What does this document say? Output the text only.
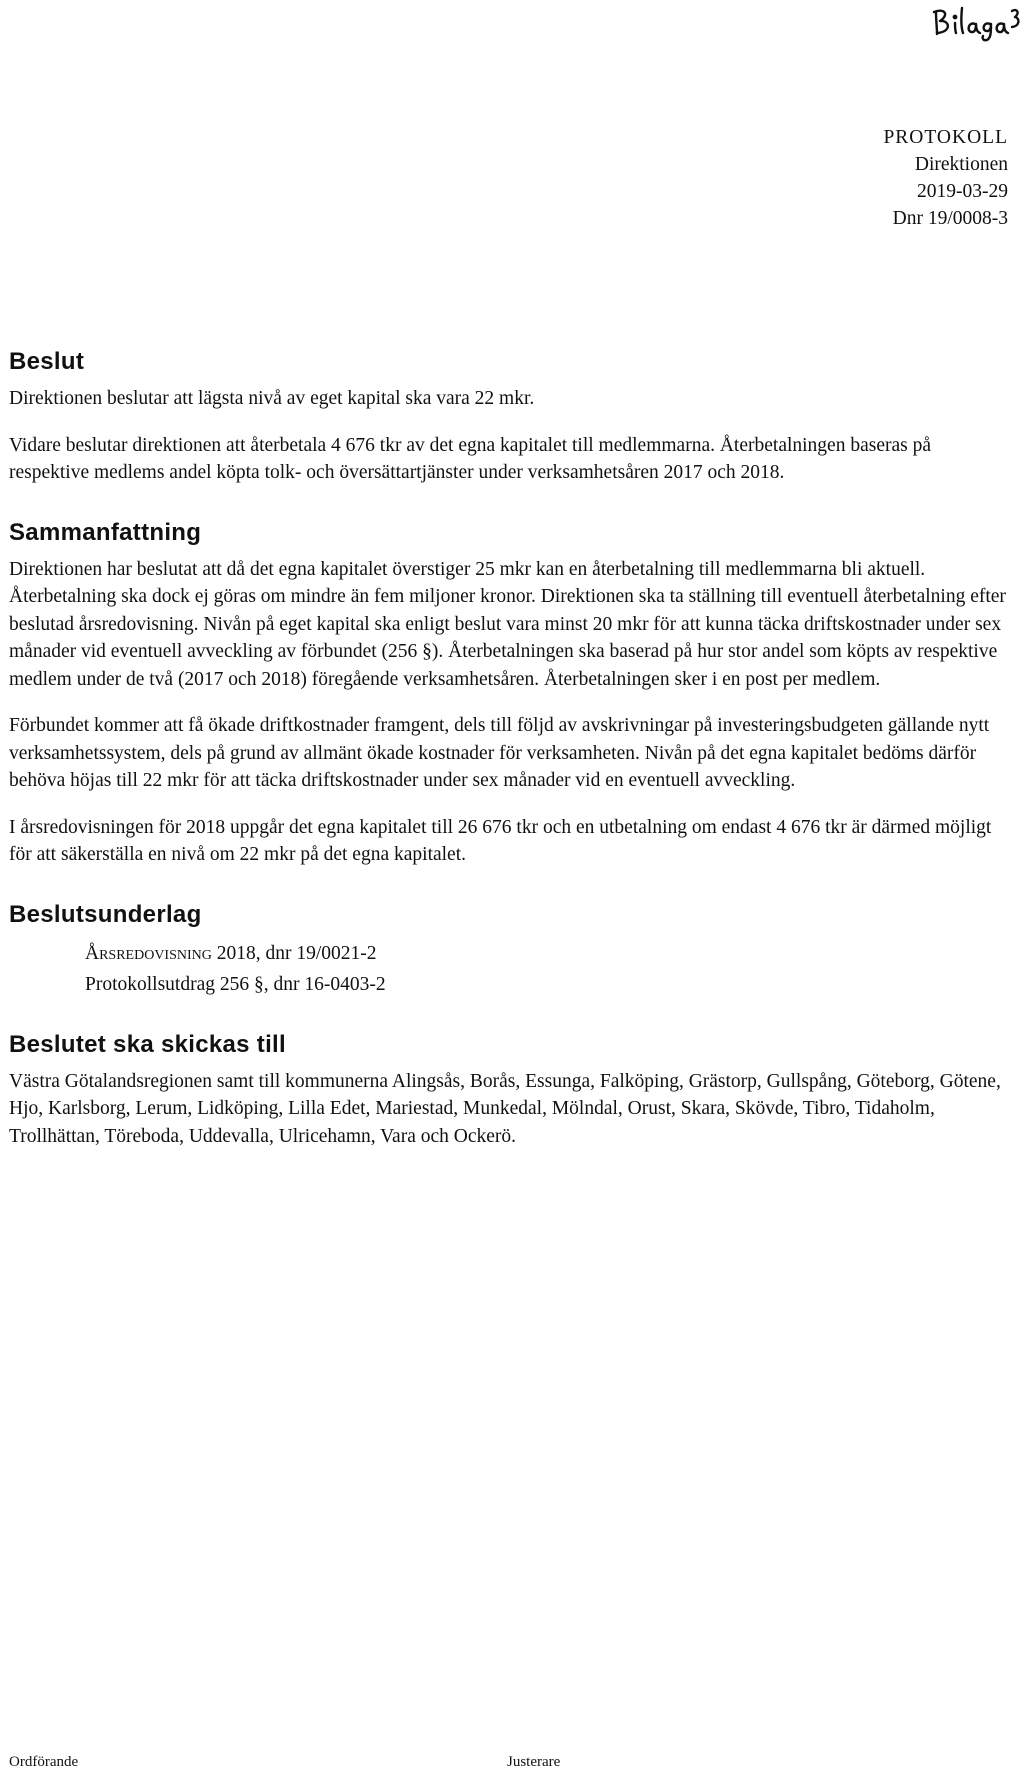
PROTOKOLL
Direktionen
2019-03-29
Dnr 19/0008-3
Beslut

Direktionen beslutar att lägsta nivå av eget kapital ska vara 22 mkr.

Vidare beslutar direktionen att återbetala 4 676 tkr av det egna kapitalet till medlemmarna. Återbetalningen baseras på respektive medlems andel köpta tolk- och översättartjänster under verksamhetsåren 2017 och 2018.

Sammanfattning

Direktionen har beslutat att då det egna kapitalet överstiger 25 mkr kan en återbetalning till medlemmarna bli aktuell. Återbetalning ska dock ej göras om mindre än fem miljoner kronor. Direktionen ska ta ställning till eventuell återbetalning efter beslutad årsredovisning. Nivån på eget kapital ska enligt beslut vara minst 20 mkr för att kunna täcka driftskostnader under sex månader vid eventuell avveckling av förbundet (256 §). Återbetalningen ska baserad på hur stor andel som köpts av respektive medlem under de två (2017 och 2018) föregående verksamhetsåren. Återbetalningen sker i en post per medlem.

Förbundet kommer att få ökade driftkostnader framgent, dels till följd av avskrivningar på investeringsbudgeten gällande nytt verksamhetssystem, dels på grund av allmänt ökade kostnader för verksamheten. Nivån på det egna kapitalet bedöms därför behöva höjas till 22 mkr för att täcka driftskostnader under sex månader vid en eventuell avveckling.

I årsredovisningen för 2018 uppgår det egna kapitalet till 26 676 tkr och en utbetalning om endast 4 676 tkr är därmed möjligt för att säkerställa en nivå om 22 mkr på det egna kapitalet.

Beslutsunderlag
Årsredovisning 2018, dnr 19/0021-2
Protokollsutdrag 256 §, dnr 16-0403-2
Beslutet ska skickas till

Västra Götalandsregionen samt till kommunerna Alingsås, Borås, Essunga, Falköping, Grästorp, Gullspång, Göteborg, Götene, Hjo, Karlsborg, Lerum, Lidköping, Lilla Edet, Mariestad, Munkedal, Mölndal, Orust, Skara, Skövde, Tibro, Tidaholm, Trollhättan, Töreboda, Uddevalla, Ulricehamn, Vara och Ockerö.

Ordförande	Justerare
